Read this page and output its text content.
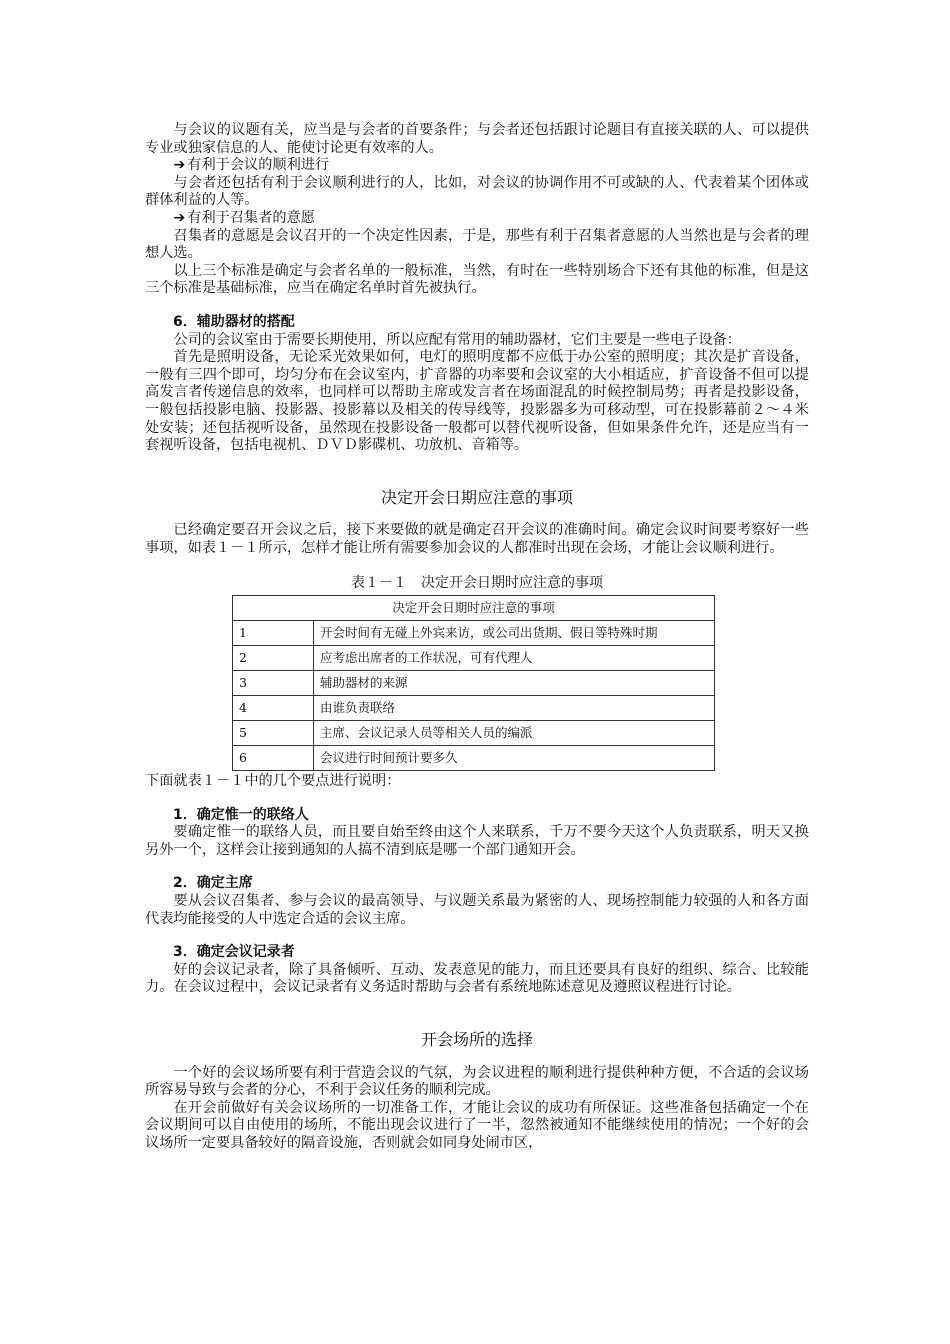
与会议的议题有关，应当是与会者的首要条件；与会者还包括跟讨论题目有直接关联的人、可以提供专业或独家信息的人、能使讨论更有效率的人。

➔ 有利于会议的顺利进行

与会者还包括有利于会议顺利进行的人，比如，对会议的协调作用不可或缺的人、代表着某个团体或群体利益的人等。

➔ 有利于召集者的意愿

召集者的意愿是会议召开的一个决定性因素，于是，那些有利于召集者意愿的人当然也是与会者的理想人选。

以上三个标准是确定与会者名单的一般标准，当然，有时在一些特别场合下还有其他的标准，但是这三个标准是基础标准，应当在确定名单时首先被执行。

6．辅助器材的搭配

公司的会议室由于需要长期使用，所以应配有常用的辅助器材，它们主要是一些电子设备：

首先是照明设备，无论采光效果如何，电灯的照明度都不应低于办公室的照明度；其次是扩音设备，一般有三四个即可，均匀分布在会议室内，扩音器的功率要和会议室的大小相适应，扩音设备不但可以提高发言者传递信息的效率，也同样可以帮助主席或发言者在场面混乱的时候控制局势；再者是投影设备，一般包括投影电脑、投影器、投影幕以及相关的传导线等，投影器多为可移动型，可在投影幕前２～４米处安装；还包括视听设备，虽然现在投影设备一般都可以替代视听设备，但如果条件允许，还是应当有一套视听设备，包括电视机、ＤＶＤ影碟机、功放机、音箱等。

决定开会日期应注意的事项

已经确定要召开会议之后，接下来要做的就是确定召开会议的准确时间。确定会议时间要考察好一些事项，如表１－１所示，怎样才能让所有需要参加会议的人都准时出现在会场，才能让会议顺利进行。

表１－１　决定开会日期时应注意的事项
决定开会日期时应注意的事项	
1	开会时间有无碰上外宾来访，或公司出货期、假日等特殊时期
2	应考虑出席者的工作状况，可有代理人
3	辅助器材的来源
4	由谁负责联络
5	主席、会议记录人员等相关人员的编派
6	会议进行时间预计要多久

下面就表１－１中的几个要点进行说明：

1．确定惟一的联络人

要确定惟一的联络人员，而且要自始至终由这个人来联系，千万不要今天这个人负责联系，明天又换另外一个，这样会让接到通知的人搞不清到底是哪一个部门通知开会。

2．确定主席

要从会议召集者、参与会议的最高领导、与议题关系最为紧密的人、现场控制能力较强的人和各方面代表均能接受的人中选定合适的会议主席。

3．确定会议记录者

好的会议记录者，除了具备倾听、互动、发表意见的能力，而且还要具有良好的组织、综合、比较能力。在会议过程中，会议记录者有义务适时帮助与会者有系统地陈述意见及遵照议程进行讨论。

开会场所的选择

一个好的会议场所要有利于营造会议的气氛，为会议进程的顺利进行提供种种方便，不合适的会议场所容易导致与会者的分心，不利于会议任务的顺利完成。

在开会前做好有关会议场所的一切准备工作，才能让会议的成功有所保证。这些准备包括确定一个在会议期间可以自由使用的场所，不能出现会议进行了一半，忽然被通知不能继续使用的情况；一个好的会议场所一定要具备较好的隔音设施，否则就会如同身处闹市区，
